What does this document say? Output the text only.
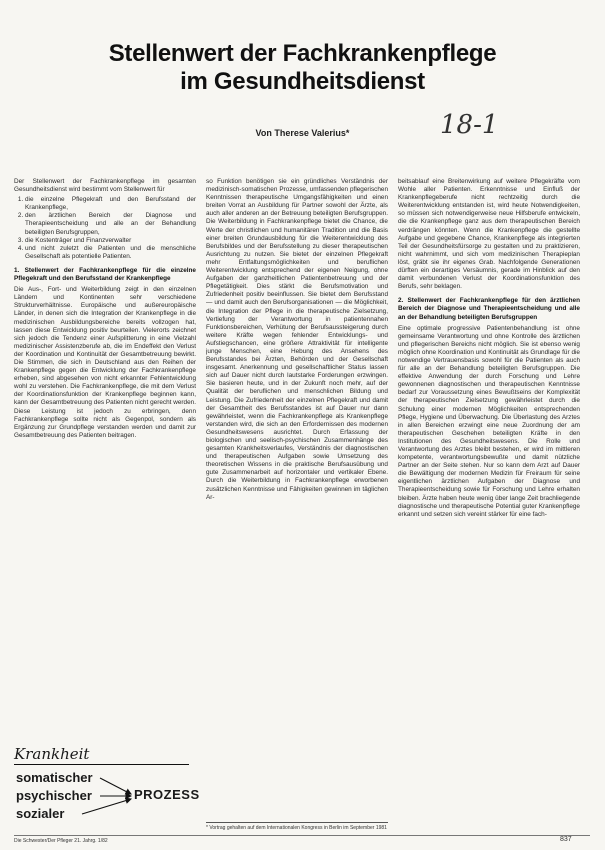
Stellenwert der Fachkrankenpflege
im Gesundheitsdienst
Von Therese Valerius*	18-1

Der Stellenwert der Fachkrankenpflege im gesamten Gesundheitsdienst wird bestimmt vom Stellenwert für

1. die einzelne Pflegekraft und den Berufsstand der Krankenpflege,
2. den ärztlichen Bereich der Diagnose und Therapieentscheidung und alle an der Behandlung beteiligten Berufsgruppen,
3. die Kostenträger und Finanzverwalter
4. und nicht zuletzt die Patienten und die menschliche Gesellschaft als potentielle Patienten.

1. Stellenwert der Fachkrankenpflege für die einzelne Pflegekraft und den Berufsstand der Krankenpflege

Die Aus-, Fort- und Weiterbildung zeigt in den einzelnen Ländern und Kontinenten sehr verschiedene Strukturverhältnisse. Europäische und außereuropäische Länder, in denen sich die Integration der Krankenpflege in die medizinischen Ausbildungsbereiche bereits vollzogen hat, lassen diese Entwicklung positiv beurteilen. Vielerorts zeichnet sich jedoch die Tendenz einer Aufsplitterung in eine Vielzahl medizinischer Assistenzberufe ab, die im Endeffekt den Verlust der Koordination und Kontinuität der Gesamtbetreuung bewirkt. Die Stimmen, die sich in Deutschland aus den Reihen der Krankenpflege gegen die Entwicklung der Fachkrankenpflege erheben, sind abgesehen von nicht erkannter Fehlentwicklung wohl zu verstehen. Die Fachkrankenpflege, die mit dem Verlust der Koordinationsfunktion der Krankenpflege beginnen kann, kann der Gesamtbetreuung des Patienten nicht gerecht werden. Diese Leistung ist jedoch zu erbringen, denn Fachkrankenpflege sollte nicht als Gegenpol, sondern als Ergänzung zur Grundpflege verstanden werden und damit zur Gesamtbetreuung des Patienten beitragen.

Krankheit
somatischer
psychischer
sozialer
PROZESS

so Funktion benötigen sie ein gründliches Verständnis der medizinisch-somatischen Prozesse, umfassenden pflegerischen Kenntnissen therapeutische Umgangsfähigkeiten und einen breiten Vorrat an Ausbildung für Partner sowohl der Ärzte, als auch aller anderen an der Betreuung beteiligten Berufsgruppen. Die Weiterbildung in Fachkrankenpflege bietet die Chance, die Werte der christlichen und humanitären Tradition und die Basis einer breiten Grundausbildung für die Weiterentwicklung des Berufsbildes und der Berufsstellung zu dieser therapeutischen Ausrichtung zu nutzen. Sie bietet der einzelnen Pflegekraft mehr Entfaltungsmöglichkeiten und beruflichen Weiterentwicklung entsprechend der eigenen Neigung, ohne Aufgaben der ganzheitlichen Patientenbetreuung und der Pflegetätigkeit. Dies stärkt die Berufsmotivation und Zufriedenheit positiv beeinflussen. Sie bietet dem Berufsstand — und damit auch den Berufsorganisationen — die Möglichkeit, die Integration der Pflege in die therapeutische Zielsetzung, Vertiefung der Verantwortung in patientennahen Funktionsbereichen, Verhütung der Berufsaussteigerung durch weitere Kräfte wegen fehlender Entwicklungs- und Aufstiegschancen, eine größere Attraktivität für intelligente junge Menschen, eine Hebung des Ansehens des Berufsstandes bei Ärzten, Behörden und der Gesellschaft insgesamt. Anerkennung und gesellschaftlicher Status lassen sich auf Dauer nicht durch lautstarke Forderungen erzwingen. Sie basieren heute, und in der Zukunft noch mehr, auf der Qualität der beruflichen und menschlichen Bildung und Leistung. Die Zufriedenheit der einzelnen Pflegekraft und damit der Gesamtheit des Berufsstandes ist auf Dauer nur dann gewährleistet, wenn die Fachkrankenpflege als Krankenpflege verstanden wird, die sich an den Erfordernissen des modernen Gesundheitswesens ausrichtet. Durch Erfassung der biologischen und seelisch-psychischen Zusammenhänge des gesamten Krankheitsverlaufes, Verständnis der diagnostischen und therapeutischen Aufgaben sowie Umsetzung des theoretischen Wissens in die praktische Berufsausübung und gute Zusammenarbeit auf horizontaler und vertikaler Ebene. Durch die Weiterbildung in Fachkrankenpflege erworbenen zusätzlichen Kenntnisse und Fähigkeiten gewinnen im täglichen Ar-

* Vortrag gehalten auf dem Internationalen Kongress in Berlin im September 1981

beitsablauf eine Breitenwirkung auf weitere Pflegekräfte vom Wohle aller Patienten. Erkenntnisse und Einfluß der Krankenpflegeberufe nicht rechtzeitig durch die Weiterentwicklung entstanden ist, wird heute Notwendigkeiten, so müssen sich notwendigerweise neue Hilfsberufe entwickeln, die die Krankenpflege ganz aus dem therapeutischen Bereich verdrängen könnten. Wenn die Krankenpflege die gestellte Aufgabe und gegebene Chance, Krankenpflege als integrierten Teil der Gesundheitsfürsorge zu gestalten und zu praktizieren, nicht wahrnimmt, und sich vom medizinischen Therapieplan löst, gräbt sie ihr eigenes Grab. Nachfolgende Generationen dürften ein derartiges Versäumnis, gerade im Hinblick auf den damit verbundenen Verlust der Koordinationsfunktion des Berufs, sehr beklagen.

2. Stellenwert der Fachkrankenpflege für den ärztlichen Bereich der Diagnose und Therapieentscheidung und alle an der Behandlung beteiligten Berufsgruppen

Eine optimale progressive Patientenbehandlung ist ohne gemeinsame Verantwortung und ohne Kontrolle des ärztlichen und pflegerischen Bereichs nicht möglich. Sie ist ebenso wenig möglich ohne Koordination und Kontinuität als Grundlage für die notwendige Vertrauensbasis sowohl für die Patienten als auch für alle an der Behandlung beteiligten Berufsgruppen. Die effektive Anwendung der durch Forschung und Lehre gewonnenen diagnostischen und therapeutischen Kenntnisse bedarf zur Voraussetzung eines Bewußtseins der Komplexität der therapeutischen Zielsetzung gewährleistet durch die Schulung einer modernen Möglichkeiten entsprechenden Pflege, Hygiene und Überwachung. Die Überlastung des Arztes in allen Bereichen erzwingt eine neue Zuordnung der am therapeutischen Geschehen beteiligten Kräfte in den Institutionen des Gesundheitswesens. Die Rolle und Verantwortung des Arztes bleibt bestehen, er wird im mittleren kompetente, verantwortungsbewußte und damit nützliche Partner an der Seite stehen. Nur so kann dem Arzt auf Dauer die Bewältigung der modernen Medizin für Freiraum für seine eigentlichen ärztlichen Aufgaben der Diagnose und Therapieentscheidung sowie für Forschung und Lehre erhalten bleiben. Ärzte haben heute wenig über lange Zeit brachliegende diagnostische und therapeutische Potential guter Krankenpflege erkannt und setzen sich vereint stärker für eine fach-

Die Schwester/Der Pfleger 21. Jahrg. 1/82	837
